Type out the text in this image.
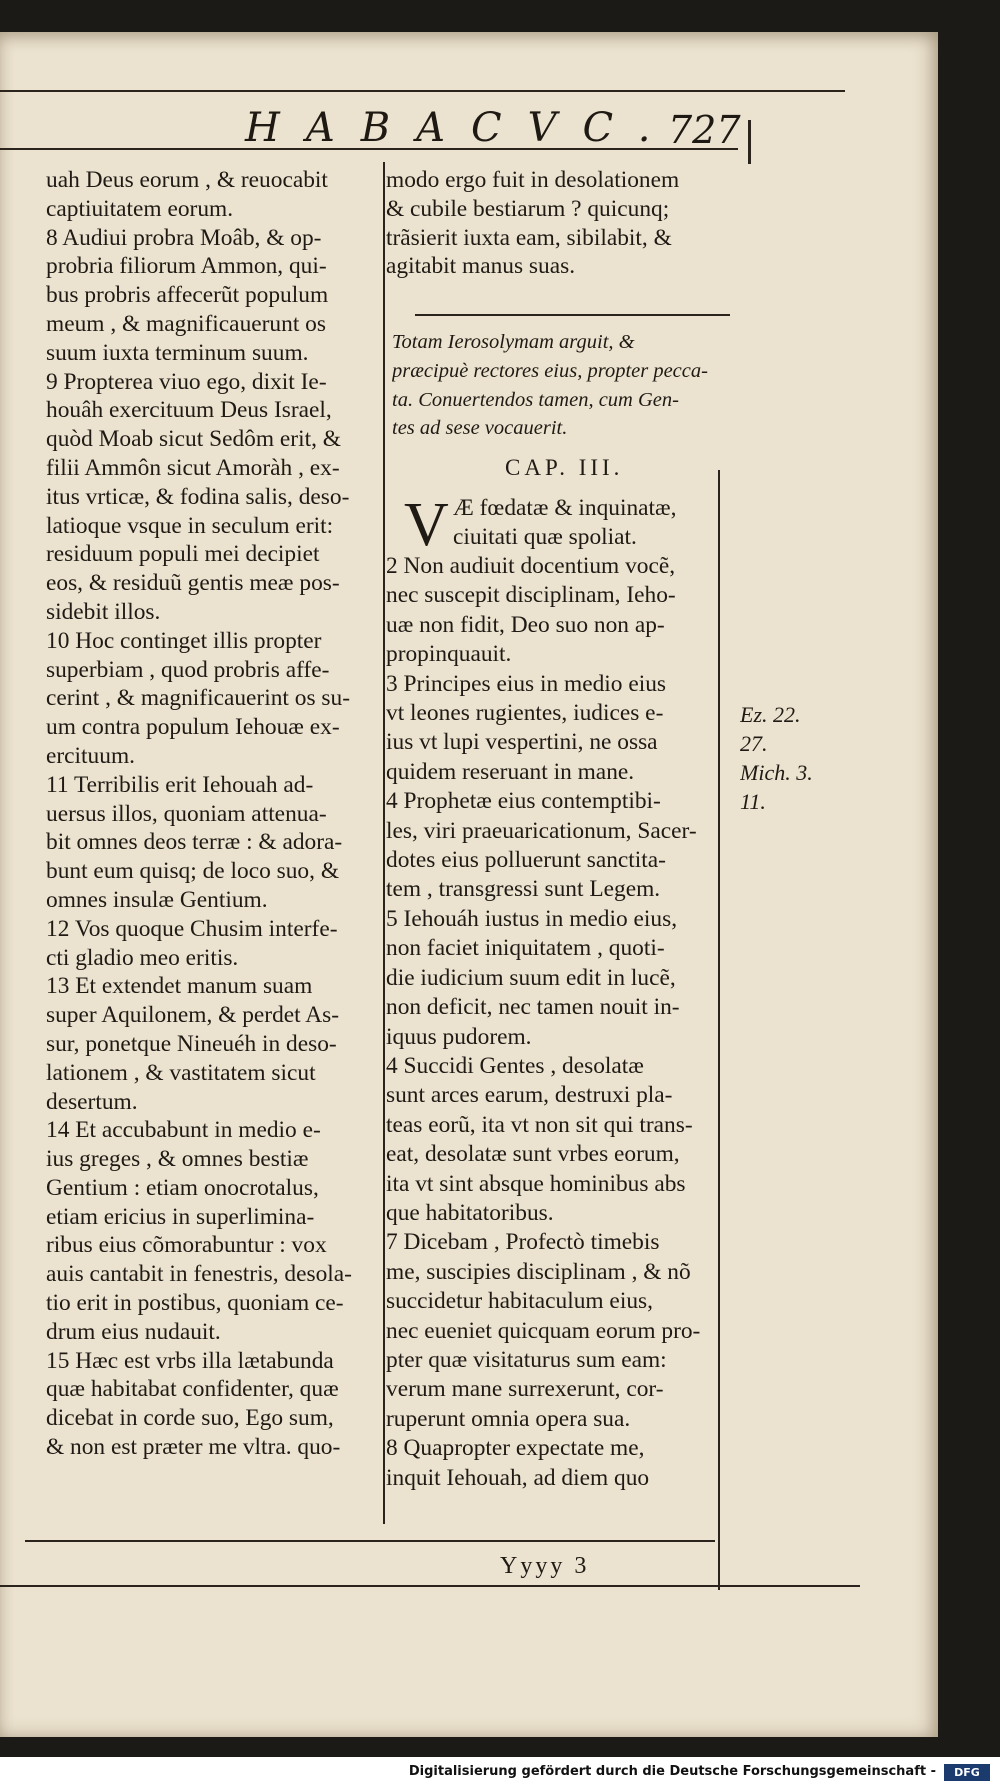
HABACVC.
727
uah Deus eorum , & reuocabit
captiuitatem eorum.
8 Audiui probra Moâb, & op-
probria filiorum Ammon, qui-
bus probris affecerũt populum
meum , & magnificauerunt os
suum iuxta terminum suum.
9 Propterea viuo ego, dixit Ie-
houâh exercituum Deus Israel,
quòd Moab sicut Sedôm erit, &
filii Ammôn sicut Amoràh , ex-
itus vrticæ, & fodina salis, deso-
latioque vsque in seculum erit:
residuum populi mei decipiet
eos, & residuũ gentis meæ pos-
sidebit illos.
10 Hoc continget illis propter
superbiam , quod probris affe-
cerint , & magnificauerint os su-
um contra populum Iehouæ ex-
ercituum.
11 Terribilis erit Iehouah ad-
uersus illos, quoniam attenua-
bit omnes deos terræ : & adora-
bunt eum quisq; de loco suo, &
omnes insulæ Gentium.
12 Vos quoque Chusim interfe-
cti gladio meo eritis.
13 Et extendet manum suam
super Aquilonem, & perdet As-
sur, ponetque Nineuéh in deso-
lationem , & vastitatem sicut
desertum.
14 Et accubabunt in medio e-
ius greges , & omnes bestiæ
Gentium : etiam onocrotalus,
etiam ericius in superlimina-
ribus eius cõmorabuntur : vox
auis cantabit in fenestris, desola-
tio erit in postibus, quoniam ce-
drum eius nudauit.
15 Hæc est vrbs illa lætabunda
quæ habitabat confidenter, quæ
dicebat in corde suo, Ego sum,
& non est præter me vltra. quo-
modo ergo fuit in desolationem
& cubile bestiarum ? quicunq;
trãsierit iuxta eam, sibilabit, &
agitabit manus suas.
Totam Ierosolymam arguit, &
præcipuè rectores eius, propter pecca-
ta. Conuertendos tamen, cum Gen-
tes ad sese vocauerit.
CAP. III.
V Æ fœdatæ & inquinatæ,
ciuitati quæ spoliat.
2 Non audiuit docentium vocẽ,
nec suscepit disciplinam, Ieho-
uæ non fidit, Deo suo non ap-
propinquauit.
3 Principes eius in medio eius
vt leones rugientes, iudices e-
ius vt lupi vespertini, ne ossa
quidem reseruant in mane.
4 Prophetæ eius contemptibi-
les, viri praeuaricationum, Sacer-
dotes eius polluerunt sanctita-
tem , transgressi sunt Legem.
5 Iehouáh iustus in medio eius,
non faciet iniquitatem , quoti-
die iudicium suum edit in lucẽ,
non deficit, nec tamen nouit in-
iquus pudorem.
4 Succidi Gentes , desolatæ
sunt arces earum, destruxi pla-
teas eorũ, ita vt non sit qui trans-
eat, desolatæ sunt vrbes eorum,
ita vt sint absque hominibus abs
que habitatoribus.
7 Dicebam , Profectò timebis
me, suscipies disciplinam , & nõ
succidetur habitaculum eius,
nec eueniet quicquam eorum pro-
pter quæ visitaturus sum eam:
verum mane surrexerunt, cor-
ruperunt omnia opera sua.
8 Quapropter expectate me,
inquit Iehouah, ad diem quo
Ez. 22.
27.
Mich. 3.
11.
Yyyy 3
Digitalisierung gefördert durch die Deutsche Forschungsgemeinschaft -	DFG
